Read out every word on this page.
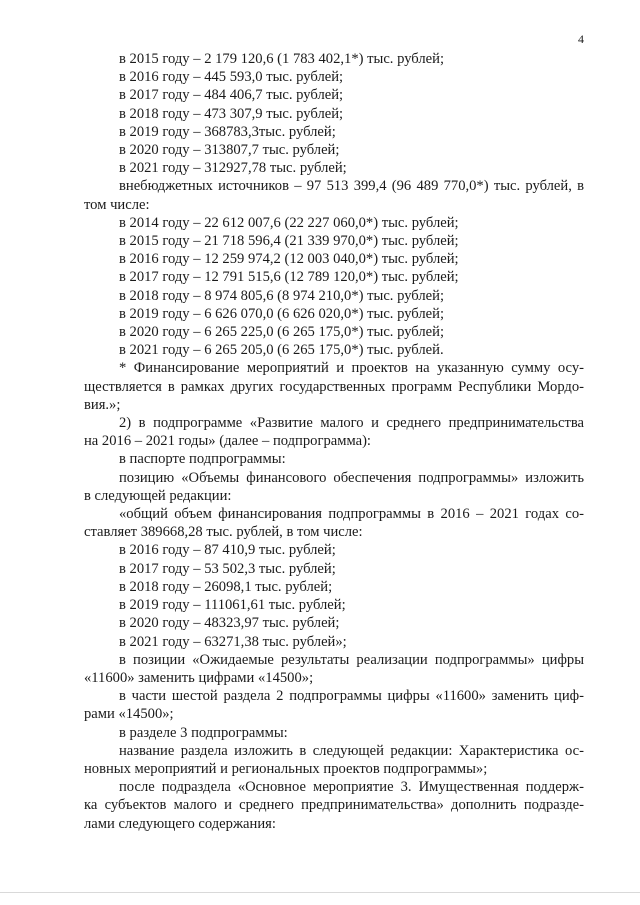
4
в 2015 году – 2 179 120,6 (1 783 402,1*) тыс. рублей;
в 2016 году – 445 593,0 тыс. рублей;
в 2017 году – 484 406,7 тыс. рублей;
в 2018 году – 473 307,9 тыс. рублей;
в 2019 году – 368783,3тыс. рублей;
в 2020 году – 313807,7 тыс. рублей;
в 2021 году – 312927,78 тыс. рублей;
внебюджетных источников – 97 513 399,4 (96 489 770,0*) тыс. рублей, в
том числе:
в 2014 году – 22 612 007,6 (22 227 060,0*) тыс. рублей;
в 2015 году – 21 718 596,4 (21 339 970,0*) тыс. рублей;
в 2016 году – 12 259 974,2 (12 003 040,0*) тыс. рублей;
в 2017 году – 12 791 515,6 (12 789 120,0*) тыс. рублей;
в 2018 году – 8 974 805,6 (8 974 210,0*) тыс. рублей;
в 2019 году – 6 626 070,0 (6 626 020,0*) тыс. рублей;
в 2020 году – 6 265 225,0 (6 265 175,0*) тыс. рублей;
в 2021 году – 6 265 205,0 (6 265 175,0*) тыс. рублей.
* Финансирование мероприятий и проектов на указанную сумму осу-
ществляется в рамках других государственных программ Республики Мордо-
вия.»;
2) в подпрограмме «Развитие малого и среднего предпринимательства
на 2016 – 2021 годы» (далее – подпрограмма):
в паспорте подпрограммы:
позицию «Объемы финансового обеспечения подпрограммы» изложить
в следующей редакции:
«общий объем финансирования подпрограммы в 2016 – 2021 годах со-
ставляет 389668,28 тыс. рублей, в том числе:
в 2016 году – 87 410,9 тыс. рублей;
в 2017 году – 53 502,3 тыс. рублей;
в 2018 году – 26098,1 тыс. рублей;
в 2019 году – 111061,61 тыс. рублей;
в 2020 году – 48323,97 тыс. рублей;
в 2021 году – 63271,38 тыс. рублей»;
в позиции «Ожидаемые результаты реализации подпрограммы» цифры
«11600» заменить цифрами «14500»;
в части шестой раздела 2 подпрограммы цифры «11600» заменить циф-
рами «14500»;
в разделе 3 подпрограммы:
название раздела изложить в следующей редакции: Характеристика ос-
новных мероприятий и региональных проектов подпрограммы»;
после подраздела «Основное мероприятие 3. Имущественная поддерж-
ка субъектов малого и среднего предпринимательства» дополнить подразде-
лами следующего содержания:
